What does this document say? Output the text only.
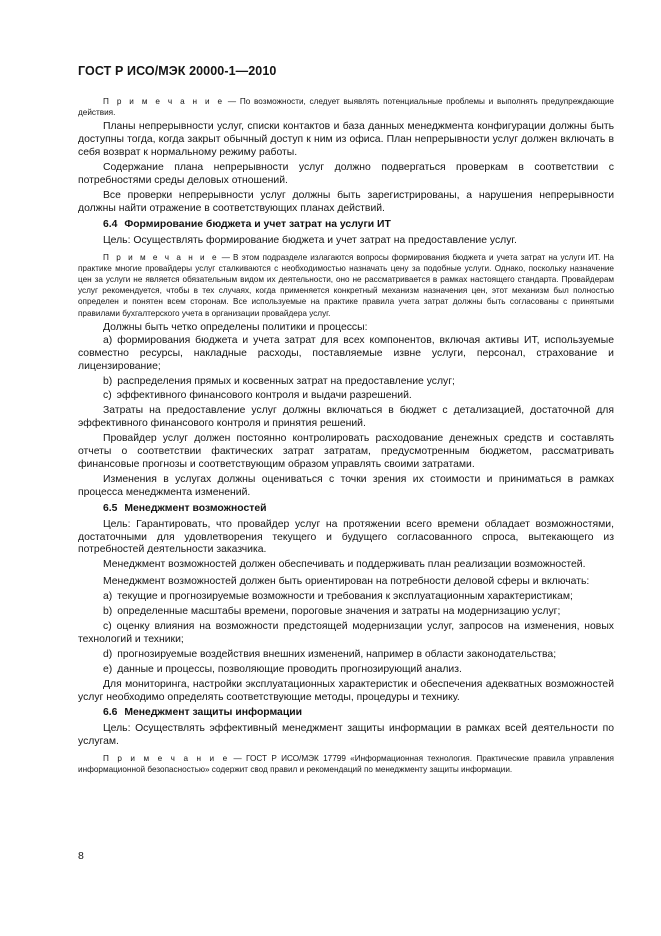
ГОСТ Р ИСО/МЭК 20000-1—2010

П р и м е ч а н и е — По возможности, следует выявлять потенциальные проблемы и выполнять предупреждающие действия.

Планы непрерывности услуг, списки контактов и база данных менеджмента конфигурации должны быть доступны тогда, когда закрыт обычный доступ к ним из офиса. План непрерывности услуг должен включать в себя возврат к нормальному режиму работы.

Содержание плана непрерывности услуг должно подвергаться проверкам в соответствии с потребностями среды деловых отношений.

Все проверки непрерывности услуг должны быть зарегистрированы, а нарушения непрерывности должны найти отражение в соответствующих планах действий.

6.4 Формирование бюджета и учет затрат на услуги ИТ

Цель: Осуществлять формирование бюджета и учет затрат на предоставление услуг.

П р и м е ч а н и е — В этом подразделе излагаются вопросы формирования бюджета и учета затрат на услуги ИТ. На практике многие провайдеры услуг сталкиваются с необходимостью назначать цену за подобные услуги. Однако, поскольку назначение цен за услуги не является обязательным видом их деятельности, оно не рассматривается в рамках настоящего стандарта. Провайдерам услуг рекомендуется, чтобы в тех случаях, когда применяется конкретный механизм назначения цен, этот механизм был полностью определен и понятен всем сторонам. Все используемые на практике правила учета затрат должны быть согласованы с принятыми правилами бухгалтерского учета в организации провайдера услуг.

Должны быть четко определены политики и процессы:

a) формирования бюджета и учета затрат для всех компонентов, включая активы ИТ, используемые совместно ресурсы, накладные расходы, поставляемые извне услуги, персонал, страхование и лицензирование;

b) распределения прямых и косвенных затрат на предоставление услуг;

c) эффективного финансового контроля и выдачи разрешений.

Затраты на предоставление услуг должны включаться в бюджет с детализацией, достаточной для эффективного финансового контроля и принятия решений.

Провайдер услуг должен постоянно контролировать расходование денежных средств и составлять отчеты о соответствии фактических затрат затратам, предусмотренным бюджетом, рассматривать финансовые прогнозы и соответствующим образом управлять своими затратами.

Изменения в услугах должны оцениваться с точки зрения их стоимости и приниматься в рамках процесса менеджмента изменений.

6.5 Менеджмент возможностей

Цель: Гарантировать, что провайдер услуг на протяжении всего времени обладает возможностями, достаточными для удовлетворения текущего и будущего согласованного спроса, вытекающего из потребностей деятельности заказчика.

Менеджмент возможностей должен обеспечивать и поддерживать план реализации возможностей.

Менеджмент возможностей должен быть ориентирован на потребности деловой сферы и включать:

a) текущие и прогнозируемые возможности и требования к эксплуатационным характеристикам;

b) определенные масштабы времени, пороговые значения и затраты на модернизацию услуг;

c) оценку влияния на возможности предстоящей модернизации услуг, запросов на изменения, новых технологий и техники;

d) прогнозируемые воздействия внешних изменений, например в области законодательства;

e) данные и процессы, позволяющие проводить прогнозирующий анализ.

Для мониторинга, настройки эксплуатационных характеристик и обеспечения адекватных возможностей услуг необходимо определять соответствующие методы, процедуры и технику.

6.6 Менеджмент защиты информации

Цель: Осуществлять эффективный менеджмент защиты информации в рамках всей деятельности по услугам.

П р и м е ч а н и е — ГОСТ Р ИСО/МЭК 17799 «Информационная технология. Практические правила управления информационной безопасностью» содержит свод правил и рекомендаций по менеджменту защиты информации.

8
